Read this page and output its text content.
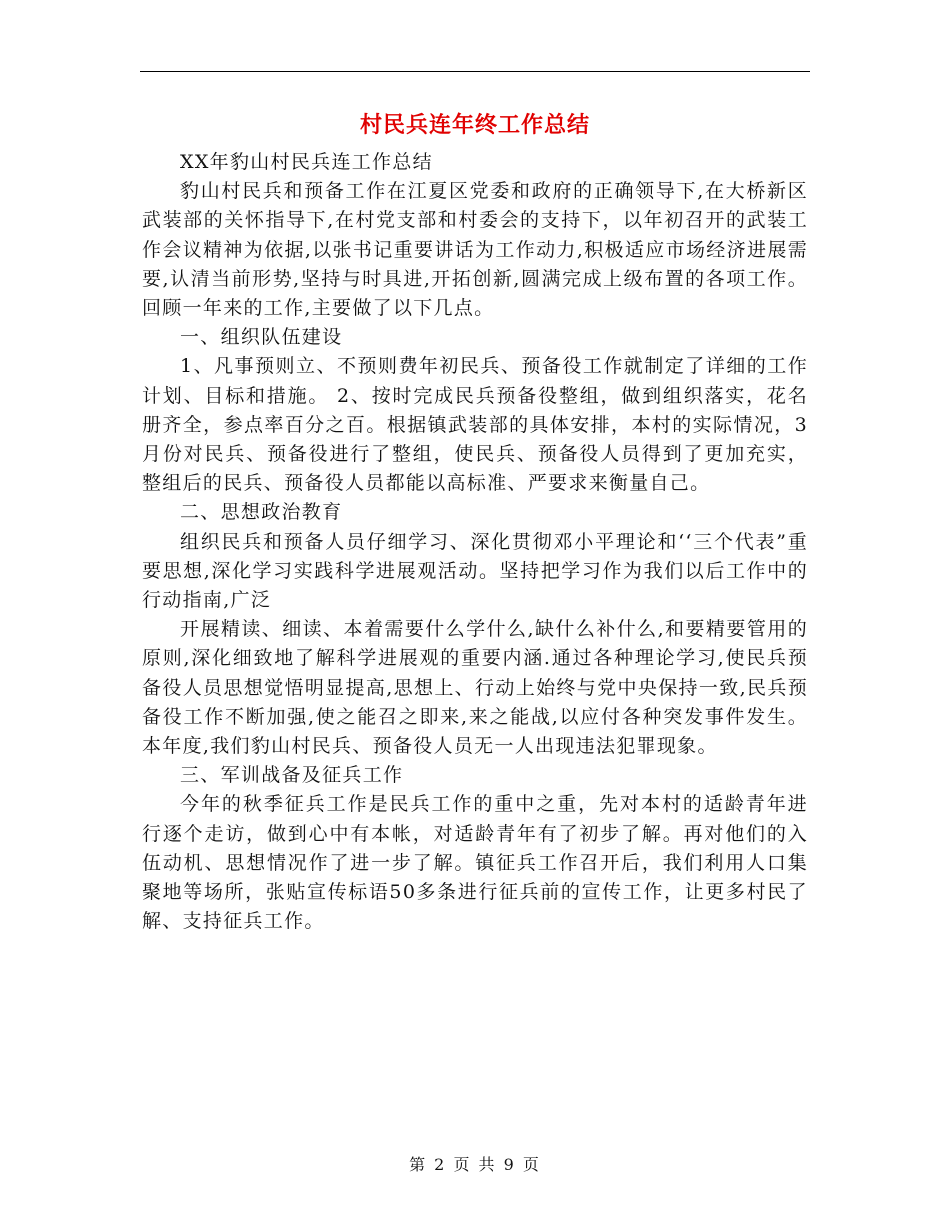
村民兵连年终工作总结

XX年豹山村民兵连工作总结

豹山村民兵和预备工作在江夏区党委和政府的正确领导下,在大桥新区武装部的关怀指导下,在村党支部和村委会的支持下，以年初召开的武装工作会议精神为依据,以张书记重要讲话为工作动力,积极适应市场经济进展需要,认清当前形势,坚持与时具进,开拓创新,圆满完成上级布置的各项工作。回顾一年来的工作,主要做了以下几点。

一、组织队伍建设

1、凡事预则立、不预则费年初民兵、预备役工作就制定了详细的工作计划、目标和措施。 2、按时完成民兵预备役整组，做到组织落实，花名册齐全，参点率百分之百。根据镇武装部的具体安排，本村的实际情况，3月份对民兵、预备役进行了整组，使民兵、预备役人员得到了更加充实，整组后的民兵、预备役人员都能以高标准、严要求来衡量自己。

二、思想政治教育

组织民兵和预备人员仔细学习、深化贯彻邓小平理论和‘‘三个代表”重要思想,深化学习实践科学进展观活动。坚持把学习作为我们以后工作中的行动指南,广泛

开展精读、细读、本着需要什么学什么,缺什么补什么,和要精要管用的原则,深化细致地了解科学进展观的重要内涵.通过各种理论学习,使民兵预备役人员思想觉悟明显提高,思想上、行动上始终与党中央保持一致,民兵预备役工作不断加强,使之能召之即来,来之能战,以应付各种突发事件发生。本年度,我们豹山村民兵、预备役人员无一人出现违法犯罪现象。

三、军训战备及征兵工作

今年的秋季征兵工作是民兵工作的重中之重，先对本村的适龄青年进行逐个走访，做到心中有本帐，对适龄青年有了初步了解。再对他们的入伍动机、思想情况作了进一步了解。镇征兵工作召开后，我们利用人口集聚地等场所，张贴宣传标语50多条进行征兵前的宣传工作，让更多村民了解、支持征兵工作。

第 2 页 共 9 页
